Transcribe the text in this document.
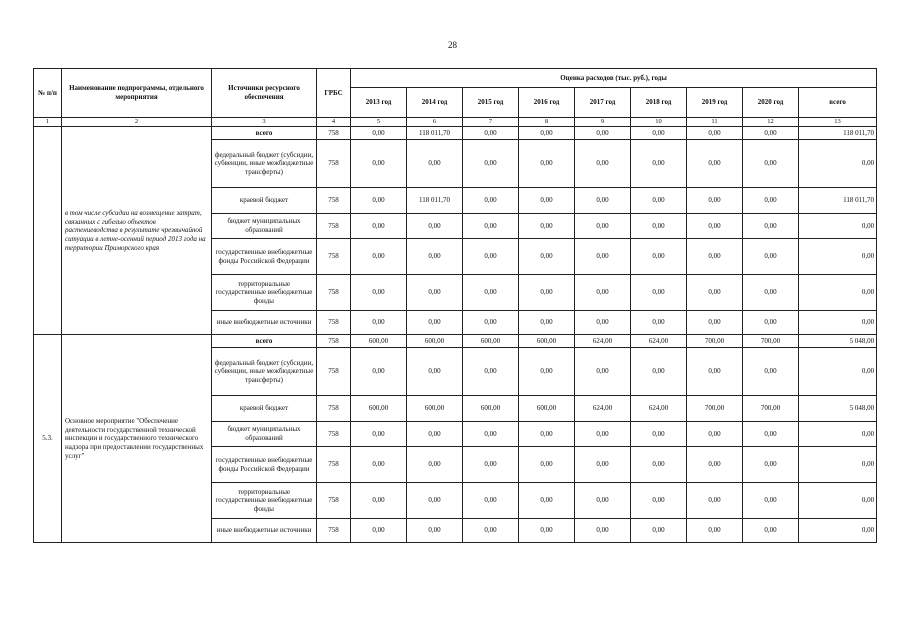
28
№ п/п	Наименование подпрограммы, отдельного мероприятия	Источники ресурсного обеспечения	ГРБС	Оценка расходов (тыс. руб.), годы								
				2013 год	2014 год	2015 год	2016 год	2017 год	2018 год	2019 год	2020 год	всего
1	2	3	4	5	6	7	8	9	10	11	12	13
	в том числе субсидии на возмещение затрат, связанных с гибелью объектов растениеводства в результате чрезвычайной ситуации в летне-осенний период 2013 года на территории Приморского края	всего	758	0,00	118 011,70	0,00	0,00	0,00	0,00	0,00	0,00	118 011,70
		федеральный бюджет (субсидии, субвенции, иные межбюджетные трансферты)	758	0,00	0,00	0,00	0,00	0,00	0,00	0,00	0,00	0,00
		краевой бюджет	758	0,00	118 011,70	0,00	0,00	0,00	0,00	0,00	0,00	118 011,70
		бюджет муниципальных образований	758	0,00	0,00	0,00	0,00	0,00	0,00	0,00	0,00	0,00
		государственные внебюджетные фонды Российской Федерации	758	0,00	0,00	0,00	0,00	0,00	0,00	0,00	0,00	0,00
		территориальные государственные внебюджетные фонды	758	0,00	0,00	0,00	0,00	0,00	0,00	0,00	0,00	0,00
		иные внебюджетные источники	758	0,00	0,00	0,00	0,00	0,00	0,00	0,00	0,00	0,00
5.3.	Основное мероприятие "Обеспечение деятельности государственной технической инспекции и государственного технического надзора при предоставлении государственных услуг"	всего	758	600,00	600,00	600,00	600,00	624,00	624,00	700,00	700,00	5 048,00
		федеральный бюджет (субсидии, субвенции, иные межбюджетные трансферты)	758	0,00	0,00	0,00	0,00	0,00	0,00	0,00	0,00	0,00
		краевой бюджет	758	600,00	600,00	600,00	600,00	624,00	624,00	700,00	700,00	5 048,00
		бюджет муниципальных образований	758	0,00	0,00	0,00	0,00	0,00	0,00	0,00	0,00	0,00
		государственные внебюджетные фонды Российской Федерации	758	0,00	0,00	0,00	0,00	0,00	0,00	0,00	0,00	0,00
		территориальные государственные внебюджетные фонды	758	0,00	0,00	0,00	0,00	0,00	0,00	0,00	0,00	0,00
		иные внебюджетные источники	758	0,00	0,00	0,00	0,00	0,00	0,00	0,00	0,00	0,00
